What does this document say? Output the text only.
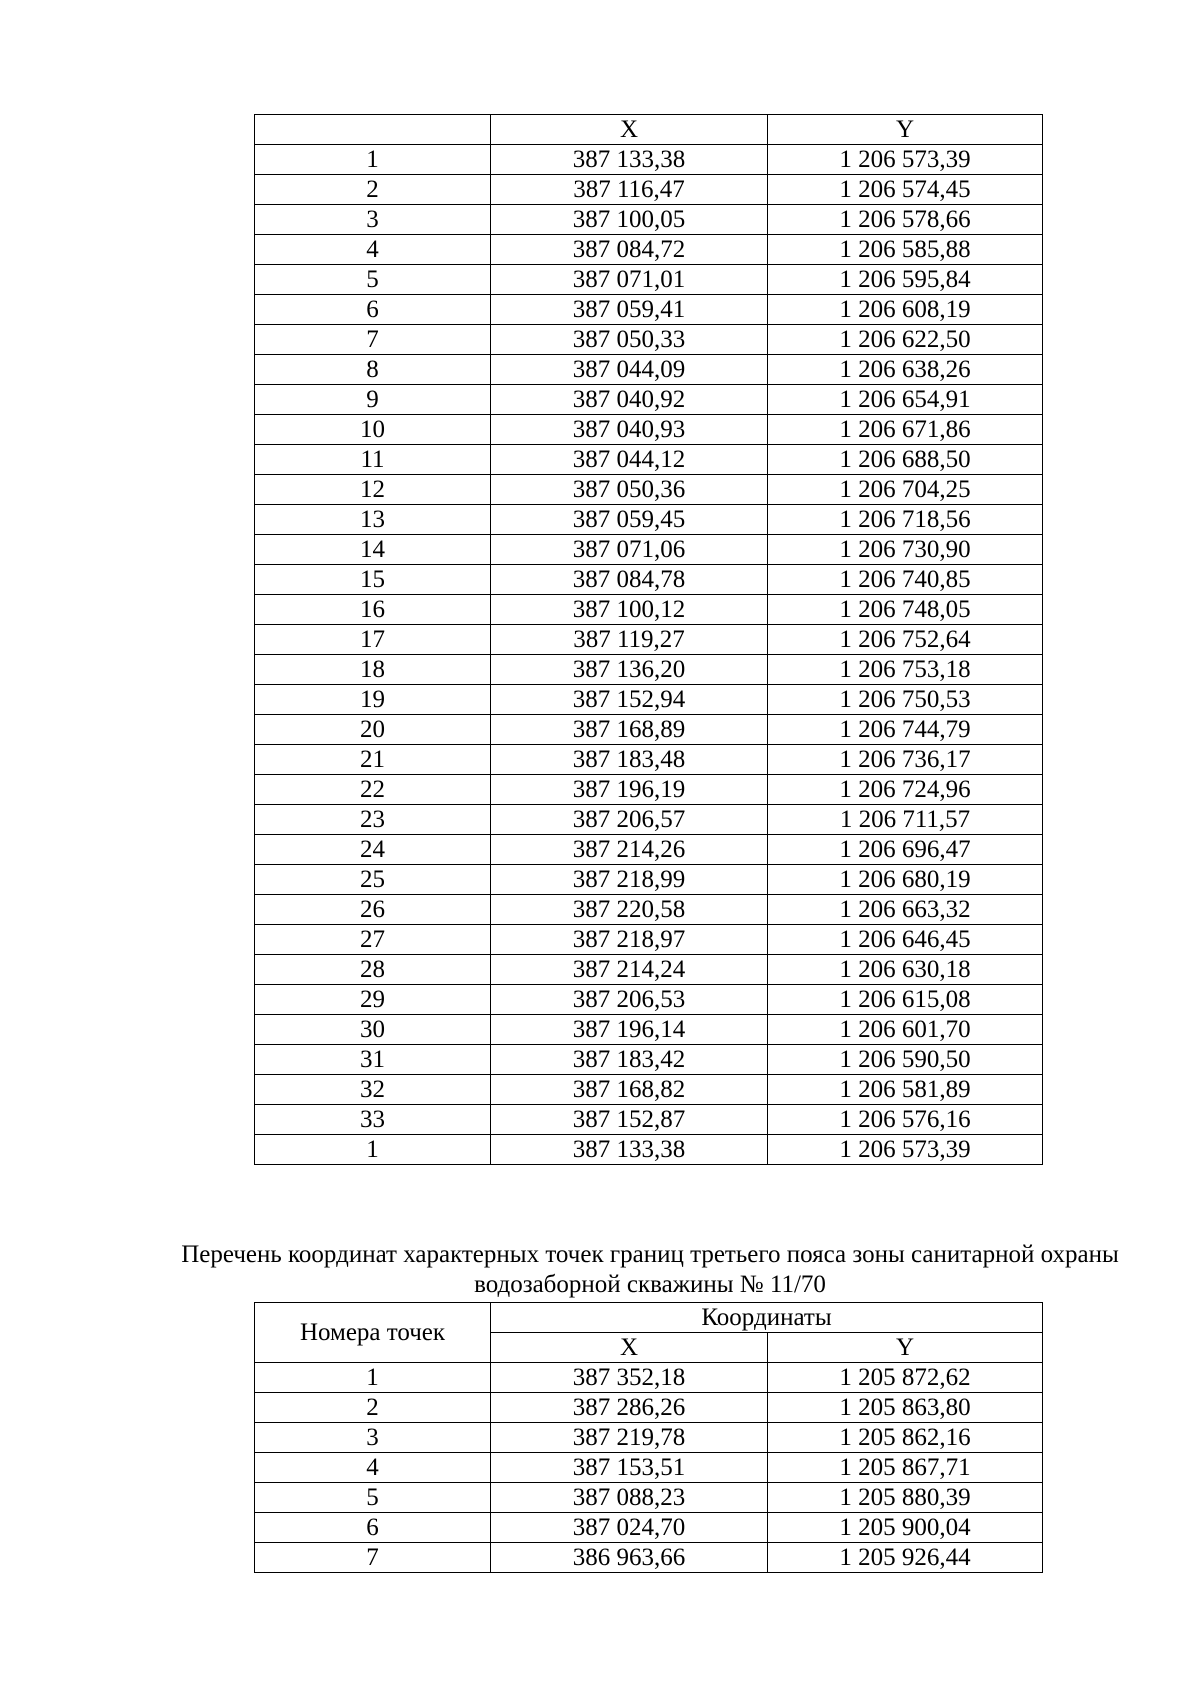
	X	Y
1	387 133,38	1 206 573,39
2	387 116,47	1 206 574,45
3	387 100,05	1 206 578,66
4	387 084,72	1 206 585,88
5	387 071,01	1 206 595,84
6	387 059,41	1 206 608,19
7	387 050,33	1 206 622,50
8	387 044,09	1 206 638,26
9	387 040,92	1 206 654,91
10	387 040,93	1 206 671,86
11	387 044,12	1 206 688,50
12	387 050,36	1 206 704,25
13	387 059,45	1 206 718,56
14	387 071,06	1 206 730,90
15	387 084,78	1 206 740,85
16	387 100,12	1 206 748,05
17	387 119,27	1 206 752,64
18	387 136,20	1 206 753,18
19	387 152,94	1 206 750,53
20	387 168,89	1 206 744,79
21	387 183,48	1 206 736,17
22	387 196,19	1 206 724,96
23	387 206,57	1 206 711,57
24	387 214,26	1 206 696,47
25	387 218,99	1 206 680,19
26	387 220,58	1 206 663,32
27	387 218,97	1 206 646,45
28	387 214,24	1 206 630,18
29	387 206,53	1 206 615,08
30	387 196,14	1 206 601,70
31	387 183,42	1 206 590,50
32	387 168,82	1 206 581,89
33	387 152,87	1 206 576,16
1	387 133,38	1 206 573,39
Перечень координат характерных точек границ третьего пояса зоны санитарной охраны водозаборной скважины № 11/70
Номера точек	Координаты	
	X	Y
1	387 352,18	1 205 872,62
2	387 286,26	1 205 863,80
3	387 219,78	1 205 862,16
4	387 153,51	1 205 867,71
5	387 088,23	1 205 880,39
6	387 024,70	1 205 900,04
7	386 963,66	1 205 926,44
